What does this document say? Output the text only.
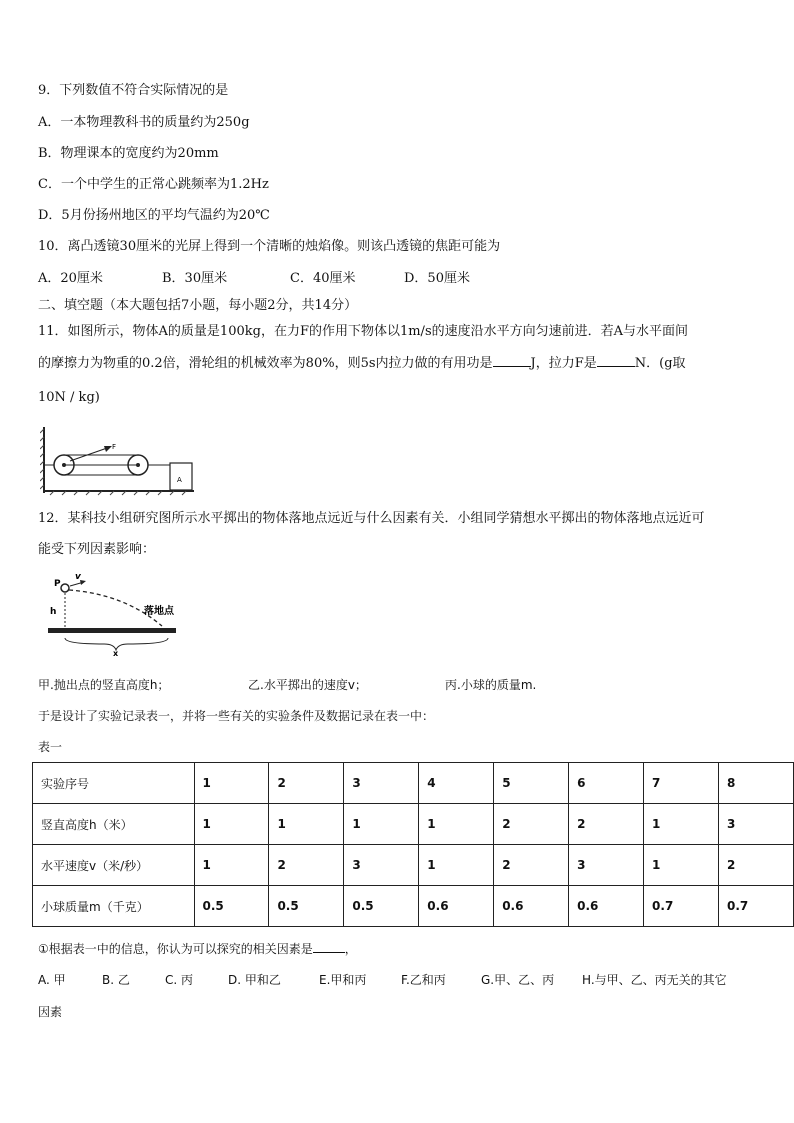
9．下列数值不符合实际情况的是
A．一本物理教科书的质量约为250g
B．物理课本的宽度约为20mm
C．一个中学生的正常心跳频率为1.2Hz
D．5月份扬州地区的平均气温约为20℃
10．离凸透镜30厘米的光屏上得到一个清晰的烛焰像。则该凸透镜的焦距可能为
A．20厘米	B．30厘米	C．40厘米	D．50厘米
二、填空题（本大题包括7小题，每小题2分，共14分）
11．如图所示，物体A的质量是100kg，在力F的作用下物体以1m/s的速度沿水平方向匀速前进．若A与水平面间
的摩擦力为物重的0.2倍，滑轮组的机械效率为80%，则5s内拉力做的有用功是	J，拉力F是	N．(g取
10N / kg)
F
A
12．某科技小组研究图所示水平掷出的物体落地点远近与什么因素有关．小组同学猜想水平掷出的物体落地点远近可
能受下列因素影响：
P
v
h	落地点
x
甲.抛出点的竖直高度h；	乙.水平掷出的速度v；	丙.小球的质量m.
于是设计了实验记录表一，并将一些有关的实验条件及数据记录在表一中：
表一
实验序号	1	2	3	4	5	6	7	8
竖直高度h（米）	1	1	1	1	2	2	1	3
水平速度v（米/秒）	1	2	3	1	2	3	1	2
小球质量m（千克）	0.5	0.5	0.5	0.6	0.6	0.6	0.7	0.7
①根据表一中的信息，你认为可以探究的相关因素是	，
A. 甲	B. 乙	C. 丙	D. 甲和乙	E.甲和丙	F.乙和丙	G.甲、乙、丙 H.与甲、乙、丙无关的其它
因素
